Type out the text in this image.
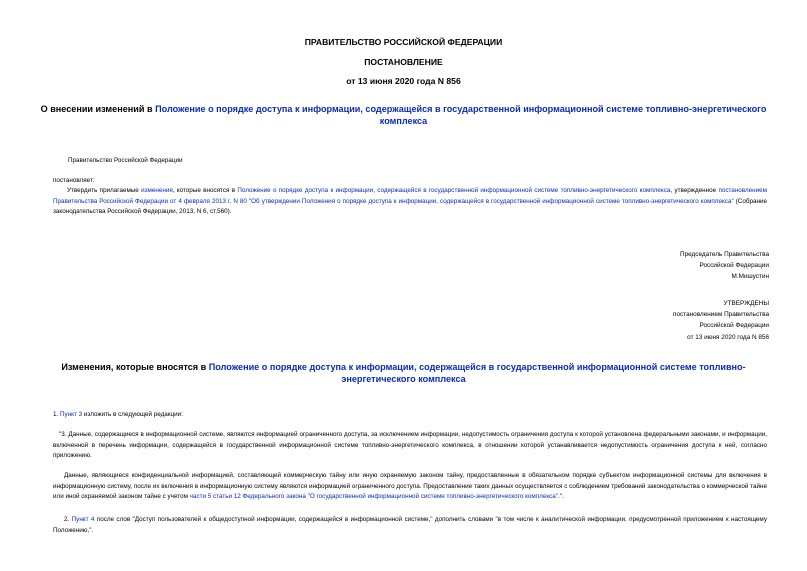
ПРАВИТЕЛЬСТВО РОССИЙСКОЙ ФЕДЕРАЦИИ
ПОСТАНОВЛЕНИЕ
от 13 июня 2020 года N 856
О внесении изменений в Положение о порядке доступа к информации, содержащейся в государственной информационной системе топливно-энергетического комплекса
Правительство Российской Федерации
постановляет:
Утвердить прилагаемые изменения, которые вносятся в Положение о порядке доступа к информации, содержащейся в государственной информационной системе топливно-энергетического комплекса, утвержденное постановлением Правительства Российской Федерации от 4 февраля 2013 г. N 80 "Об утверждении Положения о порядке доступа к информации, содержащейся в государственной информационной системе топливно-энергетического комплекса" (Собрание законодательства Российской Федерации, 2013, N 6, ст.560).
Председатель Правительства
Российской Федерации
М.Мишустин
УТВЕРЖДЕНЫ
постановлением Правительства
Российской Федерации
от 13 июня 2020 года N 856
Изменения, которые вносятся в Положение о порядке доступа к информации, содержащейся в государственной информационной системе топливно-энергетического комплекса
1. Пункт 3 изложить в следующей редакции:
"3. Данные, содержащиеся в информационной системе, являются информацией ограниченного доступа, за исключением информации, недопустимость ограничения доступа к которой установлена федеральными законами, и информации, включенной в перечень информации, содержащейся в государственной информационной системе топливно-энергетического комплекса, в отношении которой устанавливается недопустимость ограничения доступа к ней, согласно приложению.
Данные, являющиеся конфиденциальной информацией, составляющей коммерческую тайну или иную охраняемую законом тайну, предоставленные в обязательном порядке субъектом информационной системы для включения в информационную систему, после их включения в информационную систему являются информацией ограниченного доступа. Предоставление таких данных осуществляется с соблюдением требований законодательства о коммерческой тайне или иной охраняемой законом тайне с учетом части 5 статьи 12 Федерального закона "О государственной информационной системе топливно-энергетического комплекса".".
2. Пункт 4 после слов "Доступ пользователей к общедоступной информации, содержащейся в информационной системе," дополнить словами "в том числе к аналитической информации, предусмотренной приложением к настоящему Положению,".
